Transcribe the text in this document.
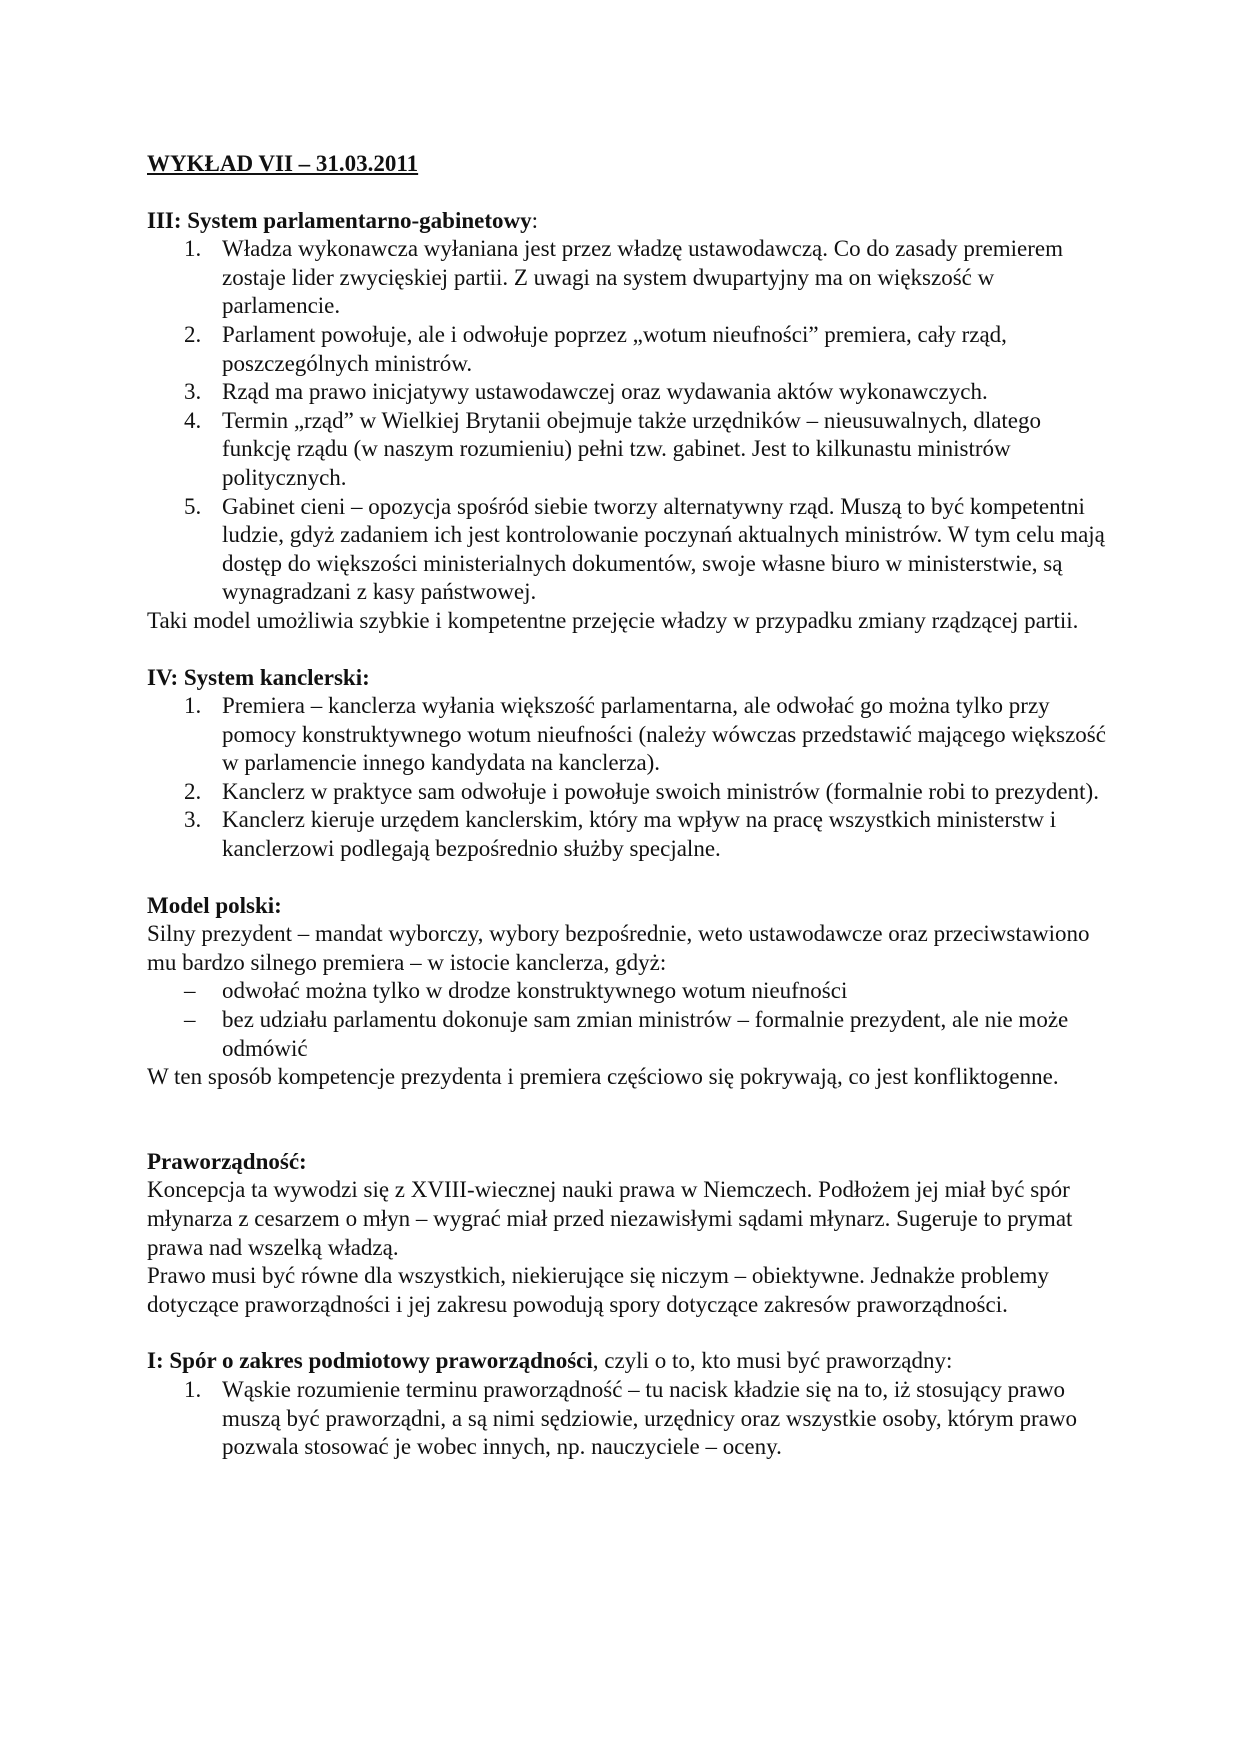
WYKŁAD VII – 31.03.2011

III: System parlamentarno-gabinetowy:

1. Władza wykonawcza wyłaniana jest przez władzę ustawodawczą. Co do zasady premierem zostaje lider zwycięskiej partii. Z uwagi na system dwupartyjny ma on większość w parlamencie.
2. Parlament powołuje, ale i odwołuje poprzez „wotum nieufności” premiera, cały rząd, poszczególnych ministrów.
3. Rząd ma prawo inicjatywy ustawodawczej oraz wydawania aktów wykonawczych.
4. Termin „rząd” w Wielkiej Brytanii obejmuje także urzędników – nieusuwalnych, dlatego funkcję rządu (w naszym rozumieniu) pełni tzw. gabinet. Jest to kilkunastu ministrów politycznych.
5. Gabinet cieni – opozycja spośród siebie tworzy alternatywny rząd. Muszą to być kompetentni ludzie, gdyż zadaniem ich jest kontrolowanie poczynań aktualnych ministrów. W tym celu mają dostęp do większości ministerialnych dokumentów, swoje własne biuro w ministerstwie, są wynagradzani z kasy państwowej.

Taki model umożliwia szybkie i kompetentne przejęcie władzy w przypadku zmiany rządzącej partii.

IV: System kanclerski:

1. Premiera – kanclerza wyłania większość parlamentarna, ale odwołać go można tylko przy pomocy konstruktywnego wotum nieufności (należy wówczas przedstawić mającego większość w parlamencie innego kandydata na kanclerza).
2. Kanclerz w praktyce sam odwołuje i powołuje swoich ministrów (formalnie robi to prezydent).
3. Kanclerz kieruje urzędem kanclerskim, który ma wpływ na pracę wszystkich ministerstw i kanclerzowi podlegają bezpośrednio służby specjalne.

Model polski:

Silny prezydent – mandat wyborczy, wybory bezpośrednie, weto ustawodawcze oraz przeciwstawiono mu bardzo silnego premiera – w istocie kanclerza, gdyż:

– odwołać można tylko w drodze konstruktywnego wotum nieufności
– bez udziału parlamentu dokonuje sam zmian ministrów – formalnie prezydent, ale nie może odmówić

W ten sposób kompetencje prezydenta i premiera częściowo się pokrywają, co jest konfliktogenne.

Praworządność:

Koncepcja ta wywodzi się z XVIII-wiecznej nauki prawa w Niemczech. Podłożem jej miał być spór młynarza z cesarzem o młyn – wygrać miał przed niezawisłymi sądami młynarz. Sugeruje to prymat prawa nad wszelką władzą.

Prawo musi być równe dla wszystkich, niekierujące się niczym – obiektywne. Jednakże problemy dotyczące praworządności i jej zakresu powodują spory dotyczące zakresów praworządności.

I: Spór o zakres podmiotowy praworządności, czyli o to, kto musi być praworządny:

1. Wąskie rozumienie terminu praworządność – tu nacisk kładzie się na to, iż stosujący prawo muszą być praworządni, a są nimi sędziowie, urzędnicy oraz wszystkie osoby, którym prawo pozwala stosować je wobec innych, np. nauczyciele – oceny.
